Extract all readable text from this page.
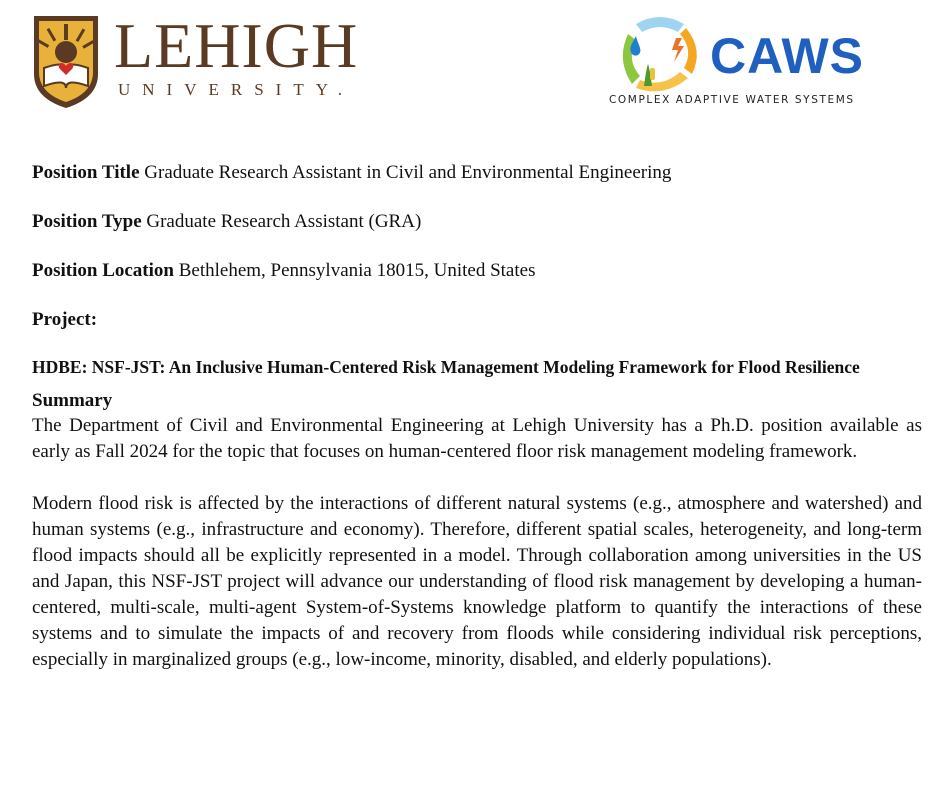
LEHIGH
UNIVERSITY.
CAWS
COMPLEX ADAPTIVE WATER SYSTEMS

Position Title Graduate Research Assistant in Civil and Environmental Engineering

Position Type Graduate Research Assistant (GRA)

Position Location Bethlehem, Pennsylvania 18015, United States

Project:

HDBE: NSF-JST: An Inclusive Human-Centered Risk Management Modeling Framework for Flood Resilience

Summary

The Department of Civil and Environmental Engineering at Lehigh University has a Ph.D. position available as early as Fall 2024 for the topic that focuses on human-centered floor risk management modeling framework.

Modern flood risk is affected by the interactions of different natural systems (e.g., atmosphere and watershed) and human systems (e.g., infrastructure and economy). Therefore, different spatial scales, heterogeneity, and long-term flood impacts should all be explicitly represented in a model. Through collaboration among universities in the US and Japan, this NSF-JST project will advance our understanding of flood risk management by developing a human-centered, multi-scale, multi-agent System-of-Systems knowledge platform to quantify the interactions of these systems and to simulate the impacts of and recovery from floods while considering individual risk perceptions, especially in marginalized groups (e.g., low-income, minority, disabled, and elderly populations).
